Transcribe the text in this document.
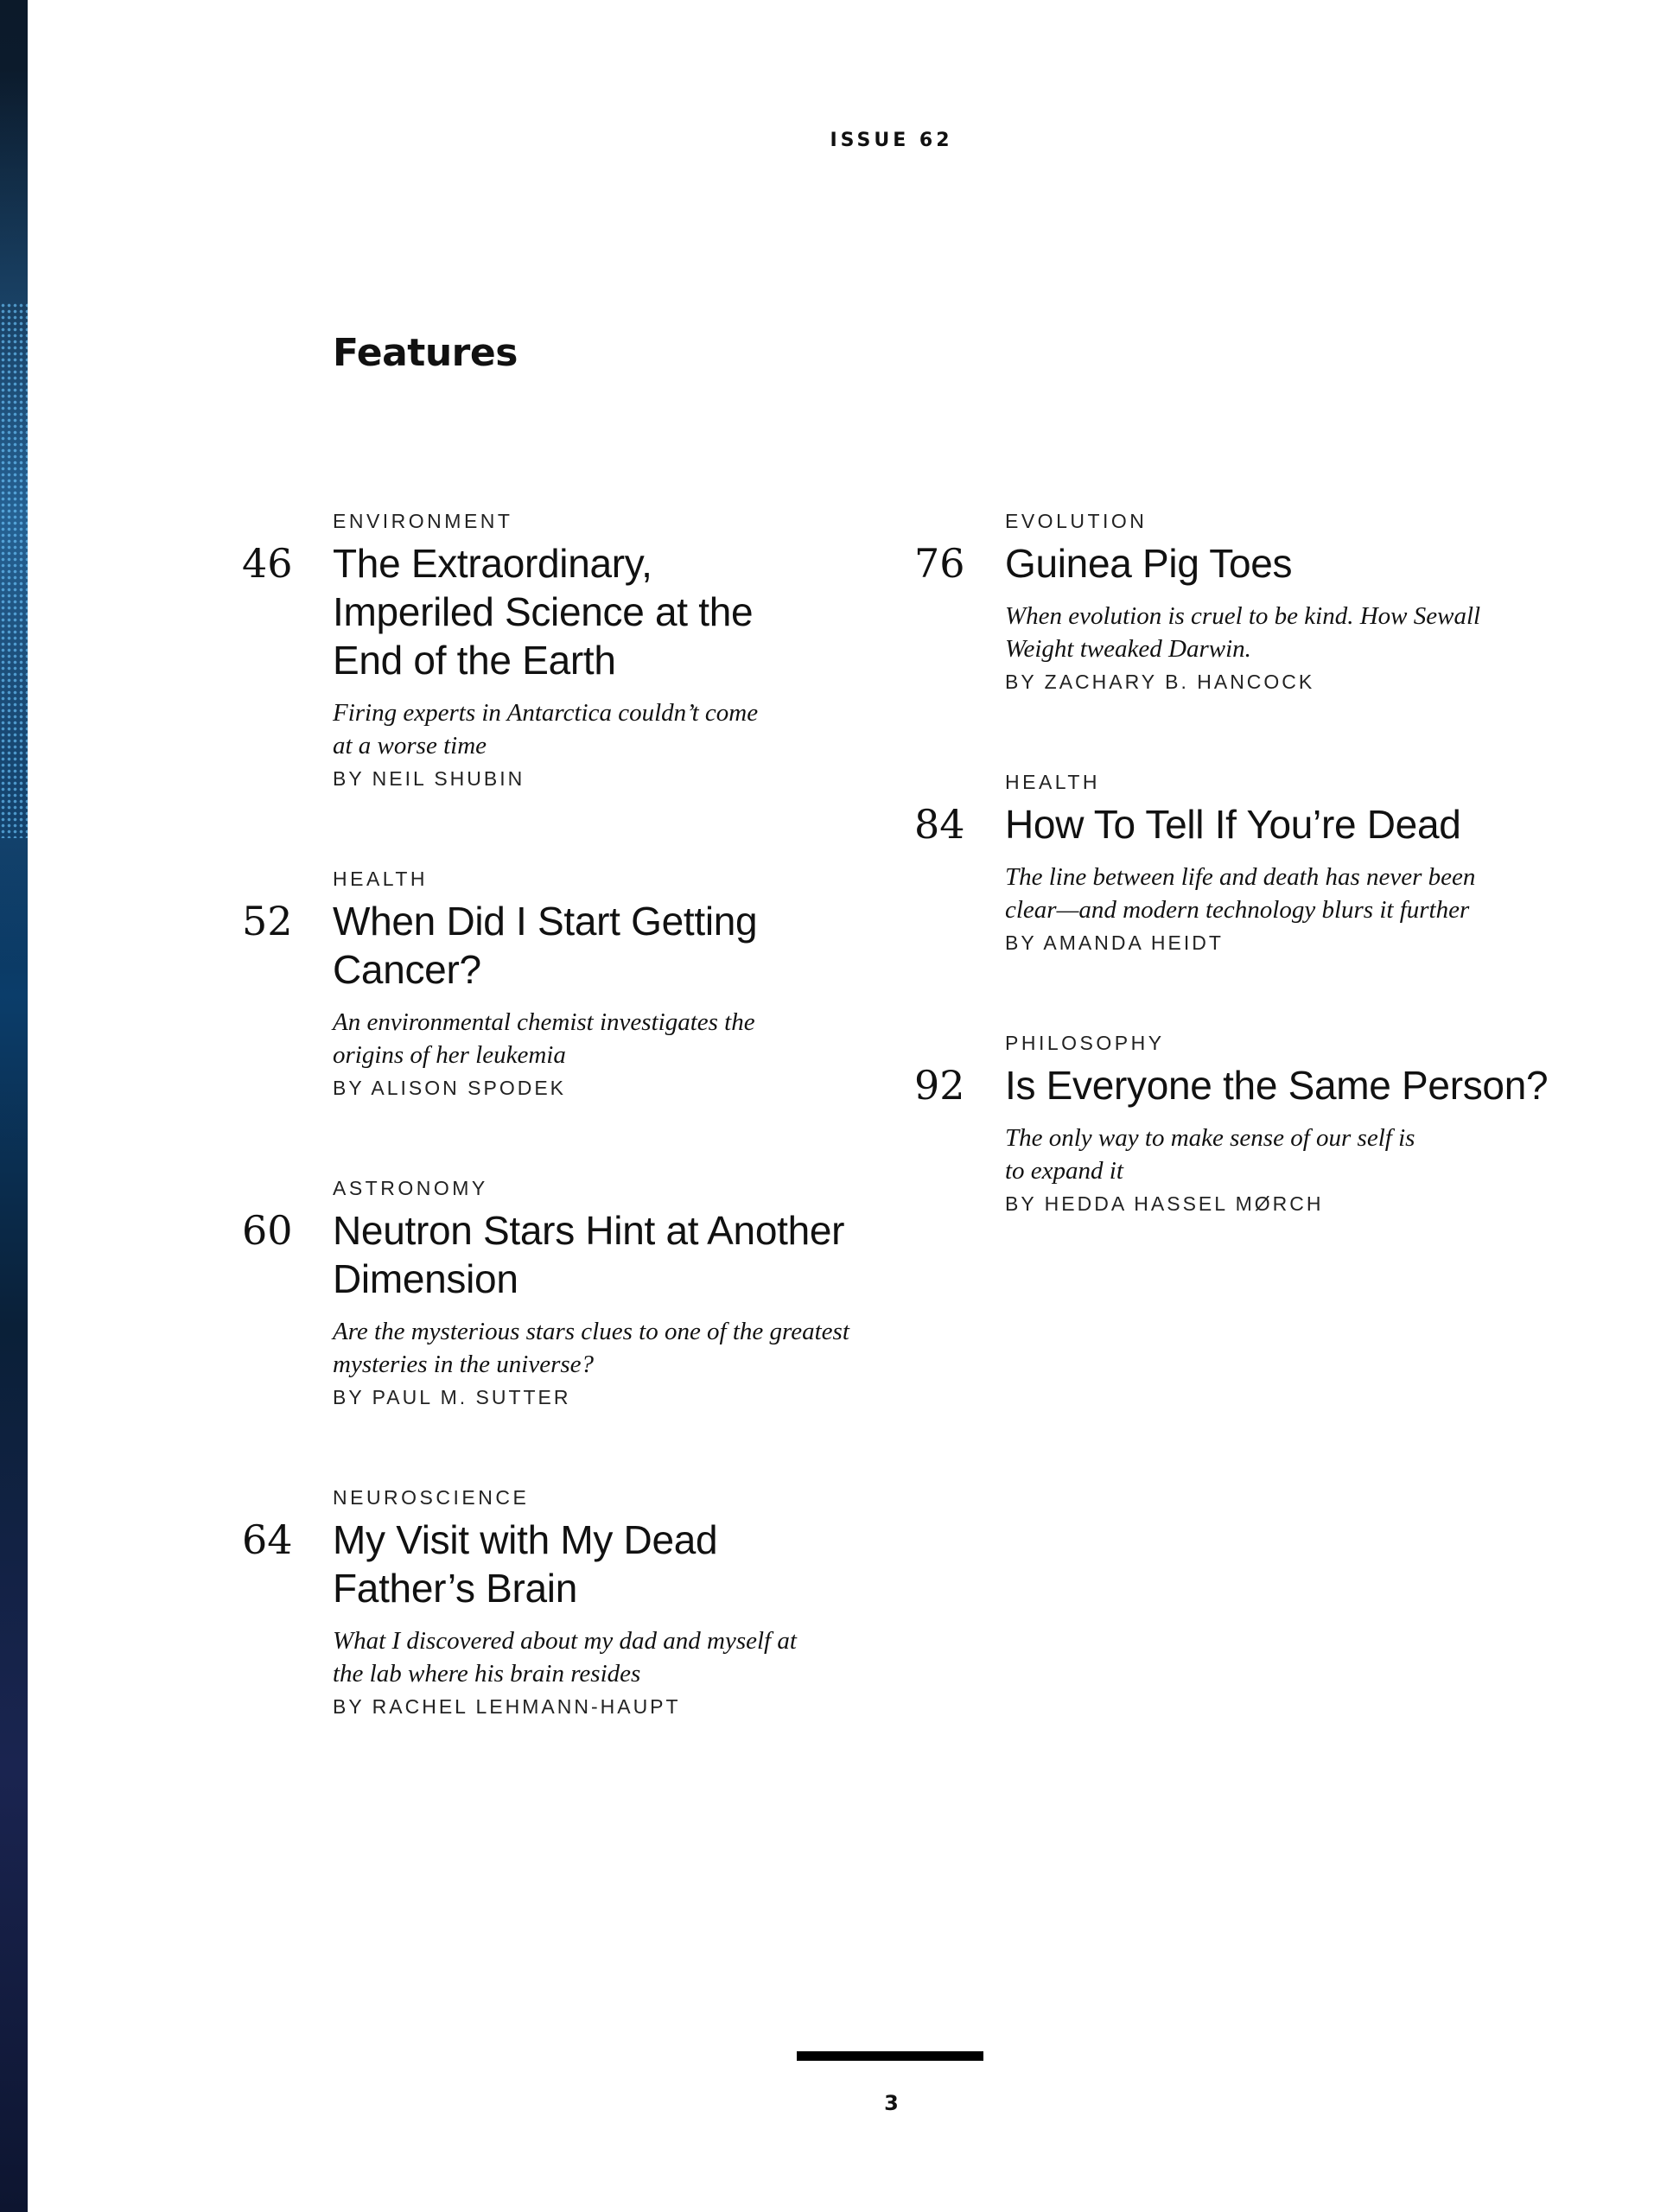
ISSUE 62
Features
ENVIRONMENT
46 The Extraordinary, Imperiled Science at the End of the Earth
Firing experts in Antarctica couldn’t come at a worse time
BY NEIL SHUBIN
HEALTH
52 When Did I Start Getting Cancer?
An environmental chemist investigates the origins of her leukemia
BY ALISON SPODEK
ASTRONOMY
60 Neutron Stars Hint at Another Dimension
Are the mysterious stars clues to one of the greatest mysteries in the universe?
BY PAUL M. SUTTER
NEUROSCIENCE
64 My Visit with My Dead Father’s Brain
What I discovered about my dad and myself at the lab where his brain resides
BY RACHEL LEHMANN-HAUPT
EVOLUTION
76 Guinea Pig Toes
When evolution is cruel to be kind. How Sewall Weight tweaked Darwin.
BY ZACHARY B. HANCOCK
HEALTH
84 How To Tell If You’re Dead
The line between life and death has never been clear—and modern technology blurs it further
BY AMANDA HEIDT
PHILOSOPHY
92 Is Everyone the Same Person?
The only way to make sense of our self is to expand it
BY HEDDA HASSEL MØRCH
3
